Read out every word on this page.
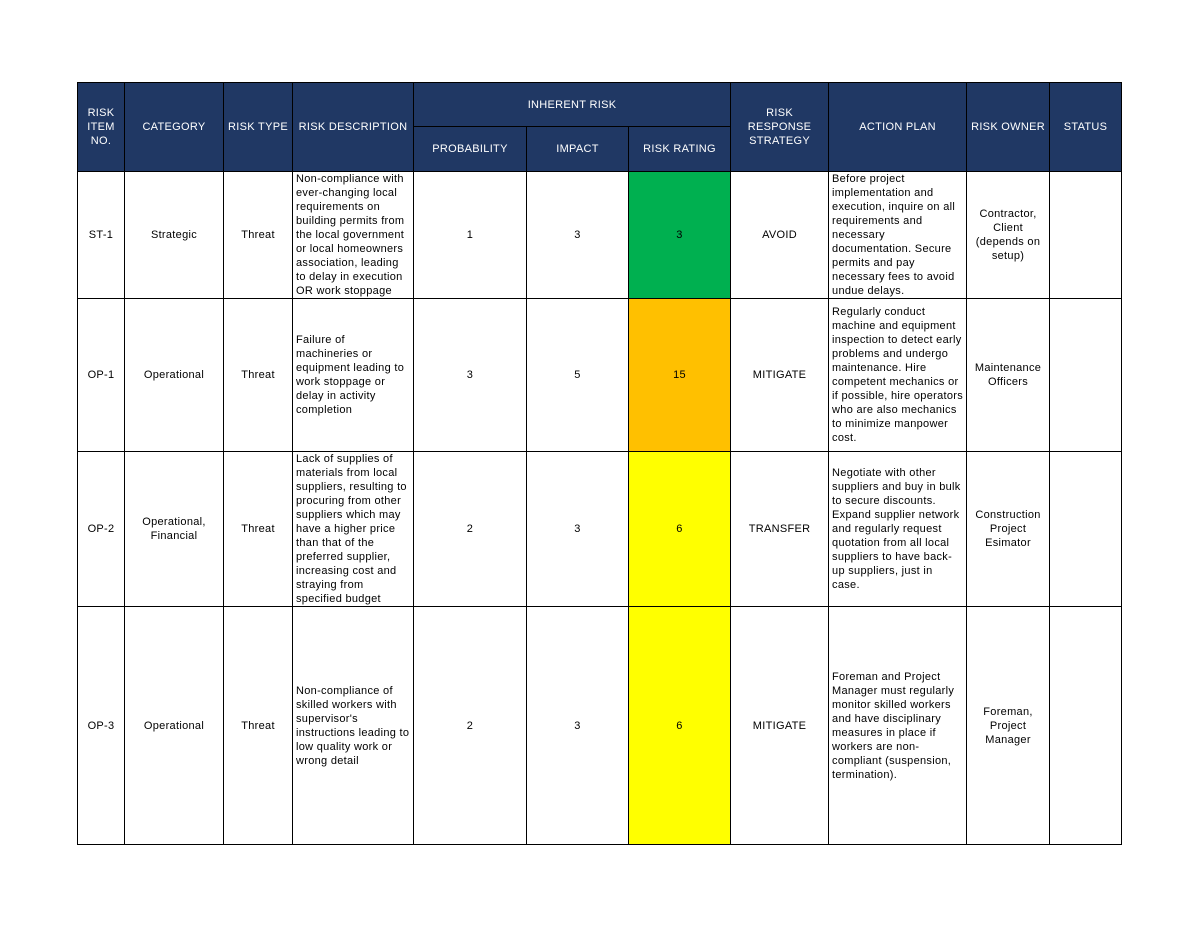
RISK ITEM NO.	CATEGORY	RISK TYPE	RISK DESCRIPTION	INHERENT RISK			RISK RESPONSE STRATEGY	ACTION PLAN	RISK OWNER	STATUS
				PROBABILITY	IMPACT	RISK RATING				
ST-1	Strategic	Threat	Non-compliance with ever-changing local requirements on building permits from the local government or local homeowners association, leading to delay in execution OR work stoppage	1	3	3	AVOID	Before project implementation and execution, inquire on all requirements and necessary documentation. Secure permits and pay necessary fees to avoid undue delays.	Contractor, Client (depends on setup)	
OP-1	Operational	Threat	Failure of machineries or equipment leading to work stoppage or delay in activity completion	3	5	15	MITIGATE	Regularly conduct machine and equipment inspection to detect early problems and undergo maintenance. Hire competent mechanics or if possible, hire operators who are also mechanics to minimize manpower cost.	Maintenance Officers	
OP-2	Operational, Financial	Threat	Lack of supplies of materials from local suppliers, resulting to procuring from other suppliers which may have a higher price than that of the preferred supplier, increasing cost and straying from specified budget	2	3	6	TRANSFER	Negotiate with other suppliers and buy in bulk to secure discounts. Expand supplier network and regularly request quotation from all local suppliers to have back-up suppliers, just in case.	Construction Project Esimator	
OP-3	Operational	Threat	Non-compliance of skilled workers with supervisor's instructions leading to low quality work or wrong detail	2	3	6	MITIGATE	Foreman and Project Manager must regularly monitor skilled workers and have disciplinary measures in place if workers are non-compliant (suspension, termination).	Foreman, Project Manager	
